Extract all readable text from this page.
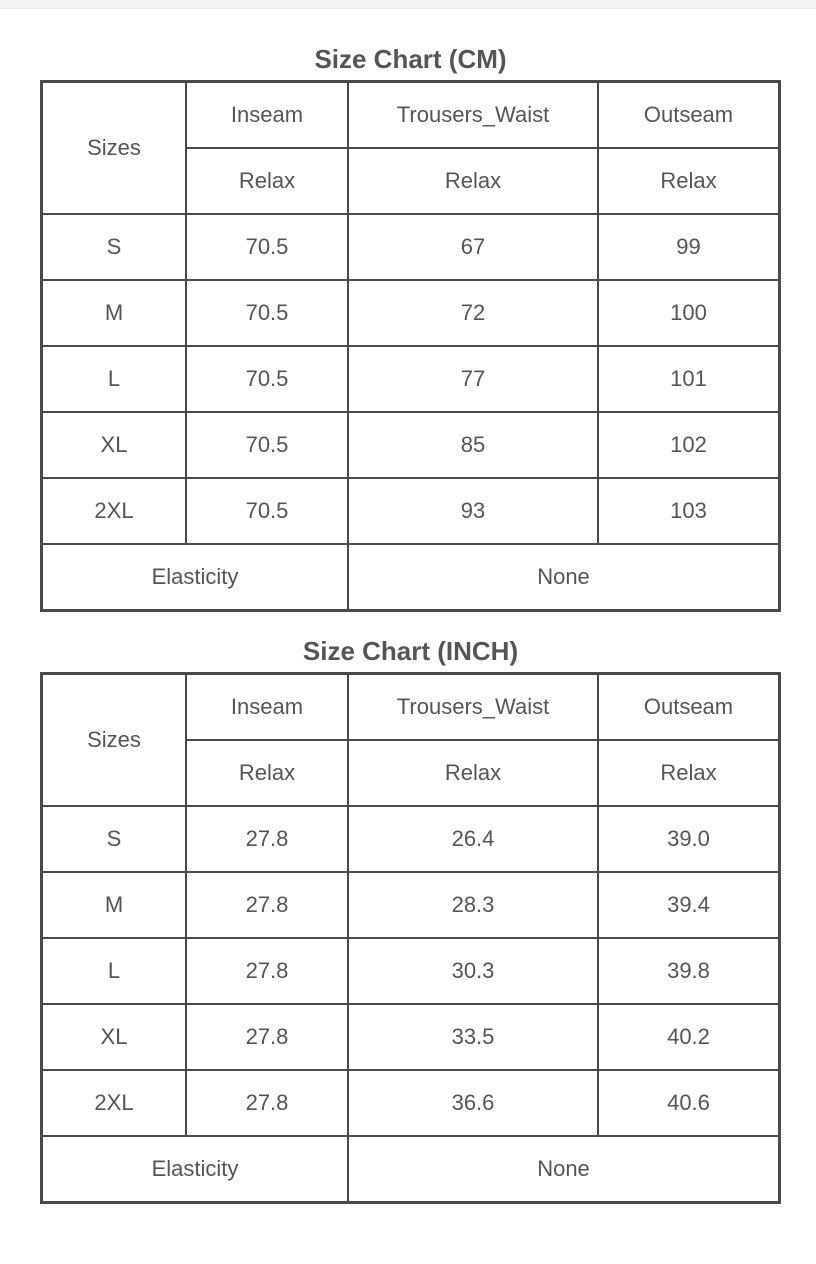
Size Chart (CM)
Sizes	Inseam	Trousers_Waist	Outseam
	Relax	Relax	Relax
S	70.5	67	99
M	70.5	72	100
L	70.5	77	101
XL	70.5	85	102
2XL	70.5	93	103
Elasticity		None	
Size Chart (INCH)
Sizes	Inseam	Trousers_Waist	Outseam
	Relax	Relax	Relax
S	27.8	26.4	39.0
M	27.8	28.3	39.4
L	27.8	30.3	39.8
XL	27.8	33.5	40.2
2XL	27.8	36.6	40.6
Elasticity		None	
